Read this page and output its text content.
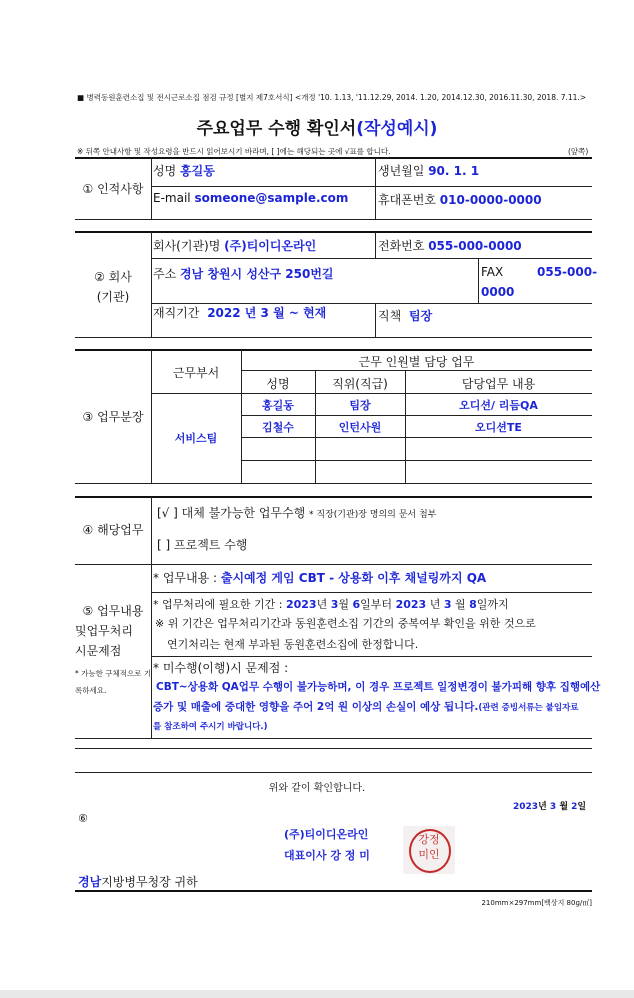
■ 병력동원훈련소집 및 전시근로소집 점검 규정 [별지 제7호서식] <개정 '10. 1.13, '11.12.29, 2014. 1.20, 2014.12.30, 2016.11.30, 2018. 7.11.>
주요업무 수행 확인서(작성예시)
※ 뒤쪽 안내사항 및 작성요령을 반드시 읽어보시기 바라며, [ ]에는 해당되는 곳에 √표를 합니다.	(앞쪽)
① 인적사항
성명 홍길동	생년월일 90. 1. 1
E-mail someone@sample.com 휴대폰번호 010-0000-0000
② 회사
(기관)
회사(기관)명 (주)티이디온라인	전화번호 055-000-0000
주소 경남 창원시 성산구 250번길	FAX	055-000-
0000
재직기간 2022 년 3 월 ~ 현재	직책 팀장
③ 업무분장
근무부서
근무 인원별 담당 업무
성명	직위(직급)	담당업무 내용
서비스팀
홍길동	팀장	오디션/ 리듬QA
김철수	인턴사원	오디션TE
④ 해당업무
[√ ] 대체 불가능한 업무수행 * 직장(기관)장 명의의 문서 첨부
[ ] 프로젝트 수행
⑤ 업무내용
및업무처리
시문제점
* 가능한 구체적으로 기
록하세요.
* 업무내용 : 출시예정 게임 CBT - 상용화 이후 채널링까지 QA
* 업무처리에 필요한 기간 : 2023년 3월 6일부터 2023 년 3 월 8일까지
※ 위 기간은 업무처리기간과 동원훈련소집 기간의 중복여부 확인을 위한 것으로
연기처리는 현재 부과된 동원훈련소집에 한정합니다.
* 미수행(이행)시 문제점 :
CBT~상용화 QA업무 수행이 불가능하며, 이 경우 프로젝트 일정변경이 불가피해 향후 집행예산
증가 및 매출에 중대한 영향을 주어 2억 원 이상의 손실이 예상 됩니다.(관련 증빙서류는 붙임자료
를 참조하여 주시기 바랍니다.)
위와 같이 확인합니다.
2023년 3 월 2일
⑥
(주)티이디온라인
대표이사 강 정 미
강정
미인
경남지방병무청장 귀하
210mm×297mm[백상지 80g/㎡]
